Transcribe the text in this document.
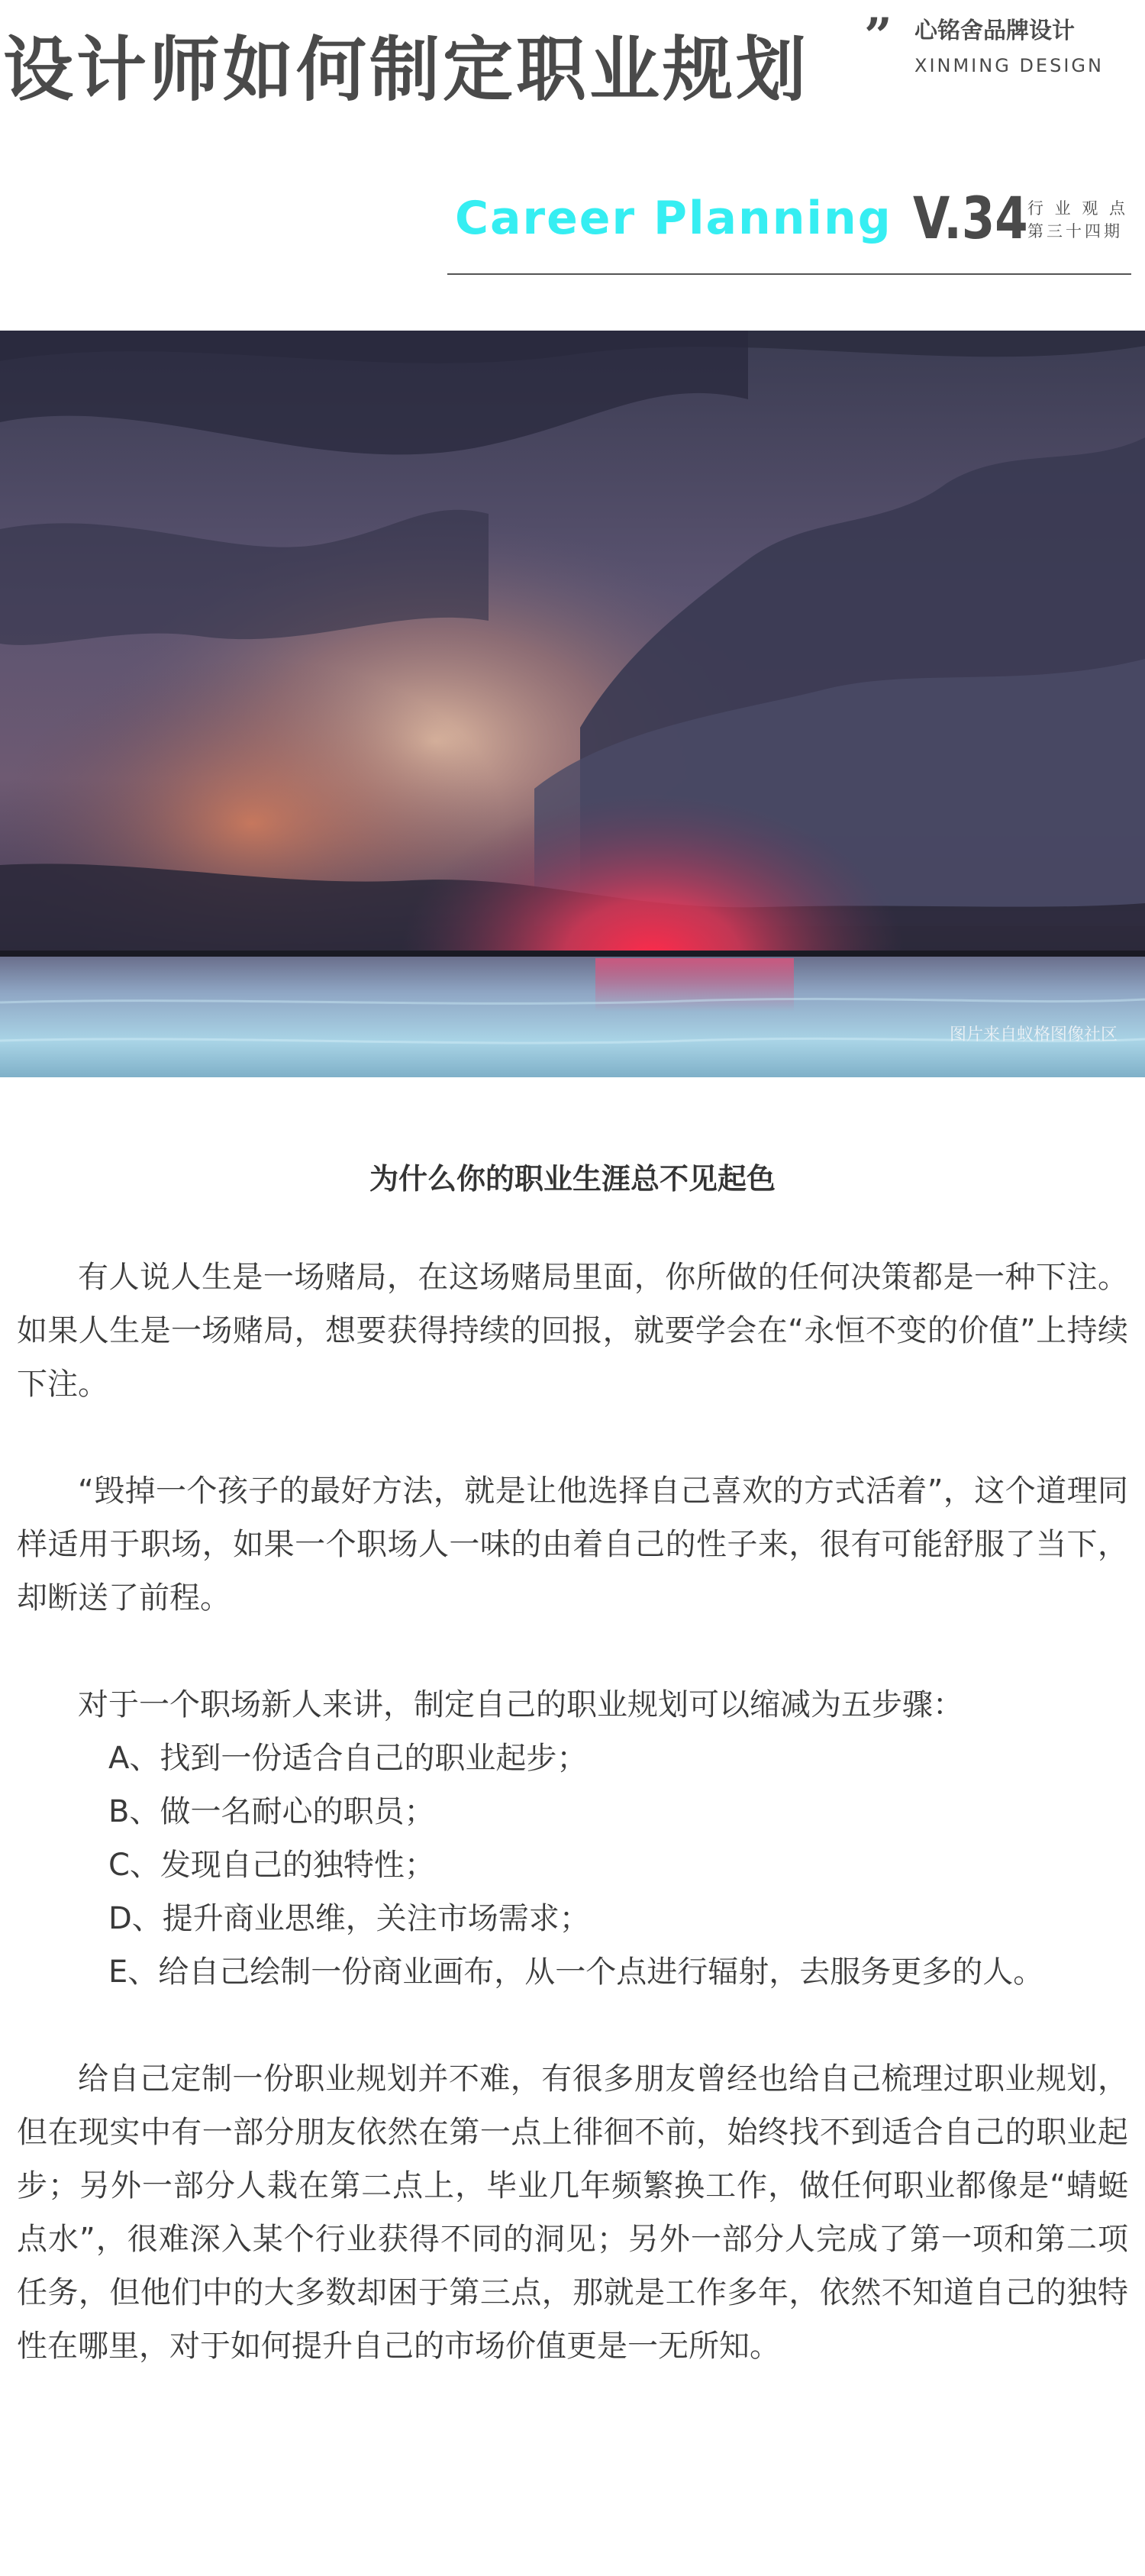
设计师如何制定职业规划 ” 心铭舍品牌设计
XINMING DESIGN
Career Planning V.34 行 业 观 点
第三十四期
图片来自蚁格图像社区
为什么你的职业生涯总不见起色

有人说人生是一场赌局，在这场赌局里面，你所做的任何决策都是一种下注。如果人生是一场赌局，想要获得持续的回报，就要学会在“永恒不变的价值”上持续下注。

“毁掉一个孩子的最好方法，就是让他选择自己喜欢的方式活着”，这个道理同样适用于职场，如果一个职场人一味的由着自己的性子来，很有可能舒服了当下，却断送了前程。

对于一个职场新人来讲，制定自己的职业规划可以缩减为五步骤：

A、找到一份适合自己的职业起步；
B、做一名耐心的职员；
C、发现自己的独特性；
D、提升商业思维，关注市场需求；
E、给自己绘制一份商业画布，从一个点进行辐射，去服务更多的人。

给自己定制一份职业规划并不难，有很多朋友曾经也给自己梳理过职业规划，但在现实中有一部分朋友依然在第一点上徘徊不前，始终找不到适合自己的职业起步；另外一部分人栽在第二点上，毕业几年频繁换工作，做任何职业都像是“蜻蜓点水”，很难深入某个行业获得不同的洞见；另外一部分人完成了第一项和第二项任务，但他们中的大多数却困于第三点，那就是工作多年，依然不知道自己的独特性在哪里，对于如何提升自己的市场价值更是一无所知。
